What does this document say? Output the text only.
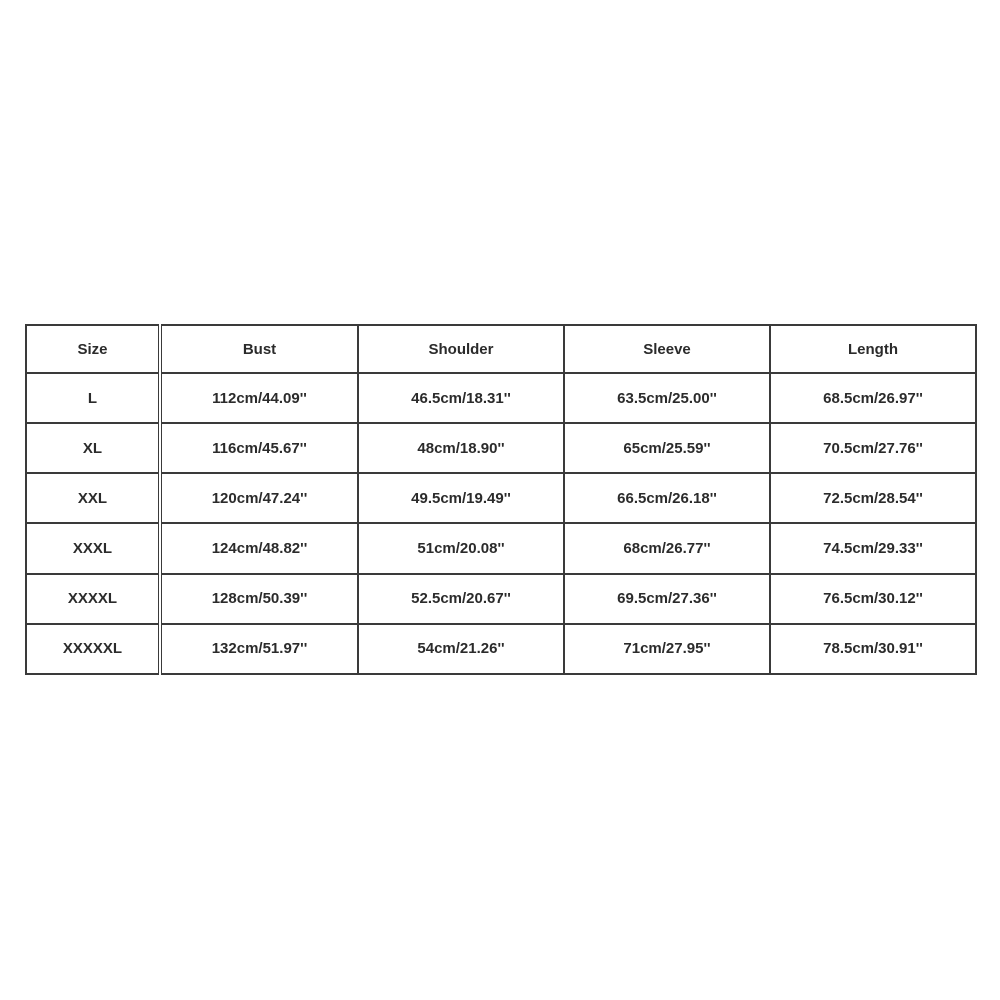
Size	Bust	Shoulder	Sleeve	Length
L	112cm/44.09''	46.5cm/18.31''	63.5cm/25.00''	68.5cm/26.97''
XL	116cm/45.67''	48cm/18.90''	65cm/25.59''	70.5cm/27.76''
XXL	120cm/47.24''	49.5cm/19.49''	66.5cm/26.18''	72.5cm/28.54''
XXXL	124cm/48.82''	51cm/20.08''	68cm/26.77''	74.5cm/29.33''
XXXXL	128cm/50.39''	52.5cm/20.67''	69.5cm/27.36''	76.5cm/30.12''
XXXXXL	132cm/51.97''	54cm/21.26''	71cm/27.95''	78.5cm/30.91''
